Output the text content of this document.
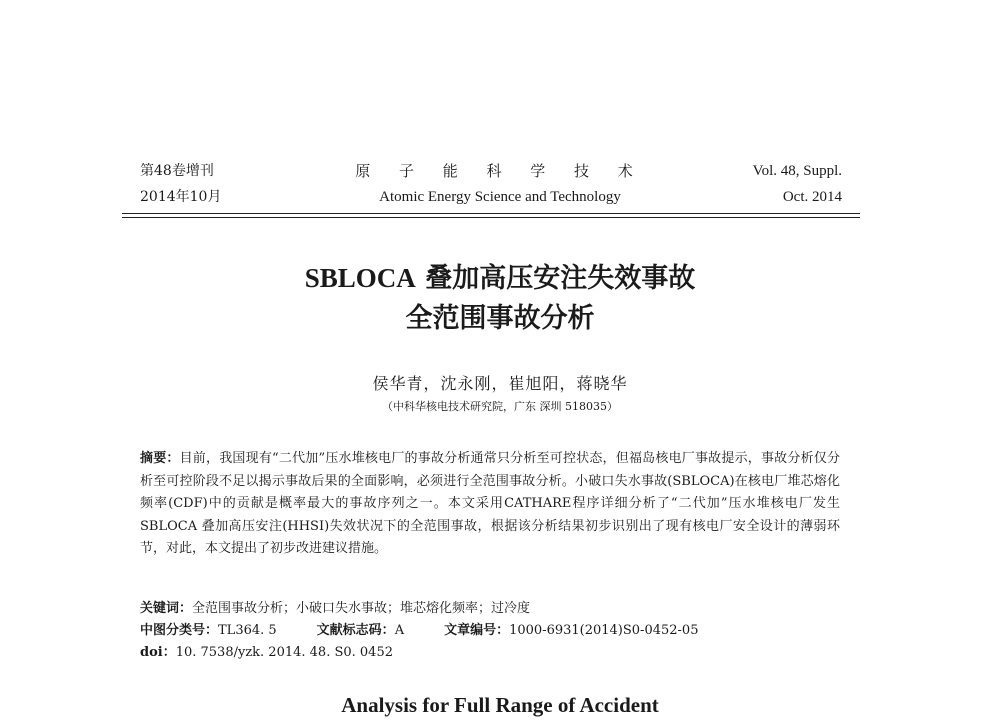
第48卷增刊
2014年10月
原 子 能 科 学 技 术
Atomic Energy Science and Technology
Vol. 48, Suppl.
Oct. 2014
SBLOCA 叠加高压安注失效事故
全范围事故分析
侯华青，沈永刚，崔旭阳，蒋晓华
（中科华核电技术研究院，广东 深圳 518035）
摘要：目前，我国现有“二代加”压水堆核电厂的事故分析通常只分析至可控状态，但福岛核电厂事故提示，事故分析仅分析至可控阶段不足以揭示事故后果的全面影响，必须进行全范围事故分析。小破口失水事故(SBLOCA)在核电厂堆芯熔化频率(CDF)中的贡献是概率最大的事故序列之一。本文采用CATHARE程序详细分析了“二代加”压水堆核电厂发生 SBLOCA 叠加高压安注(HHSI)失效状况下的全范围事故，根据该分析结果初步识别出了现有核电厂安全设计的薄弱环节，对此，本文提出了初步改进建议措施。
关键词：全范围事故分析；小破口失水事故；堆芯熔化频率；过冷度
中图分类号：TL364. 5	文献标志码：A	文章编号：1000-6931(2014)S0-0452-05
doi：10. 7538/yzk. 2014. 48. S0. 0452
Analysis for Full Range of Accident
